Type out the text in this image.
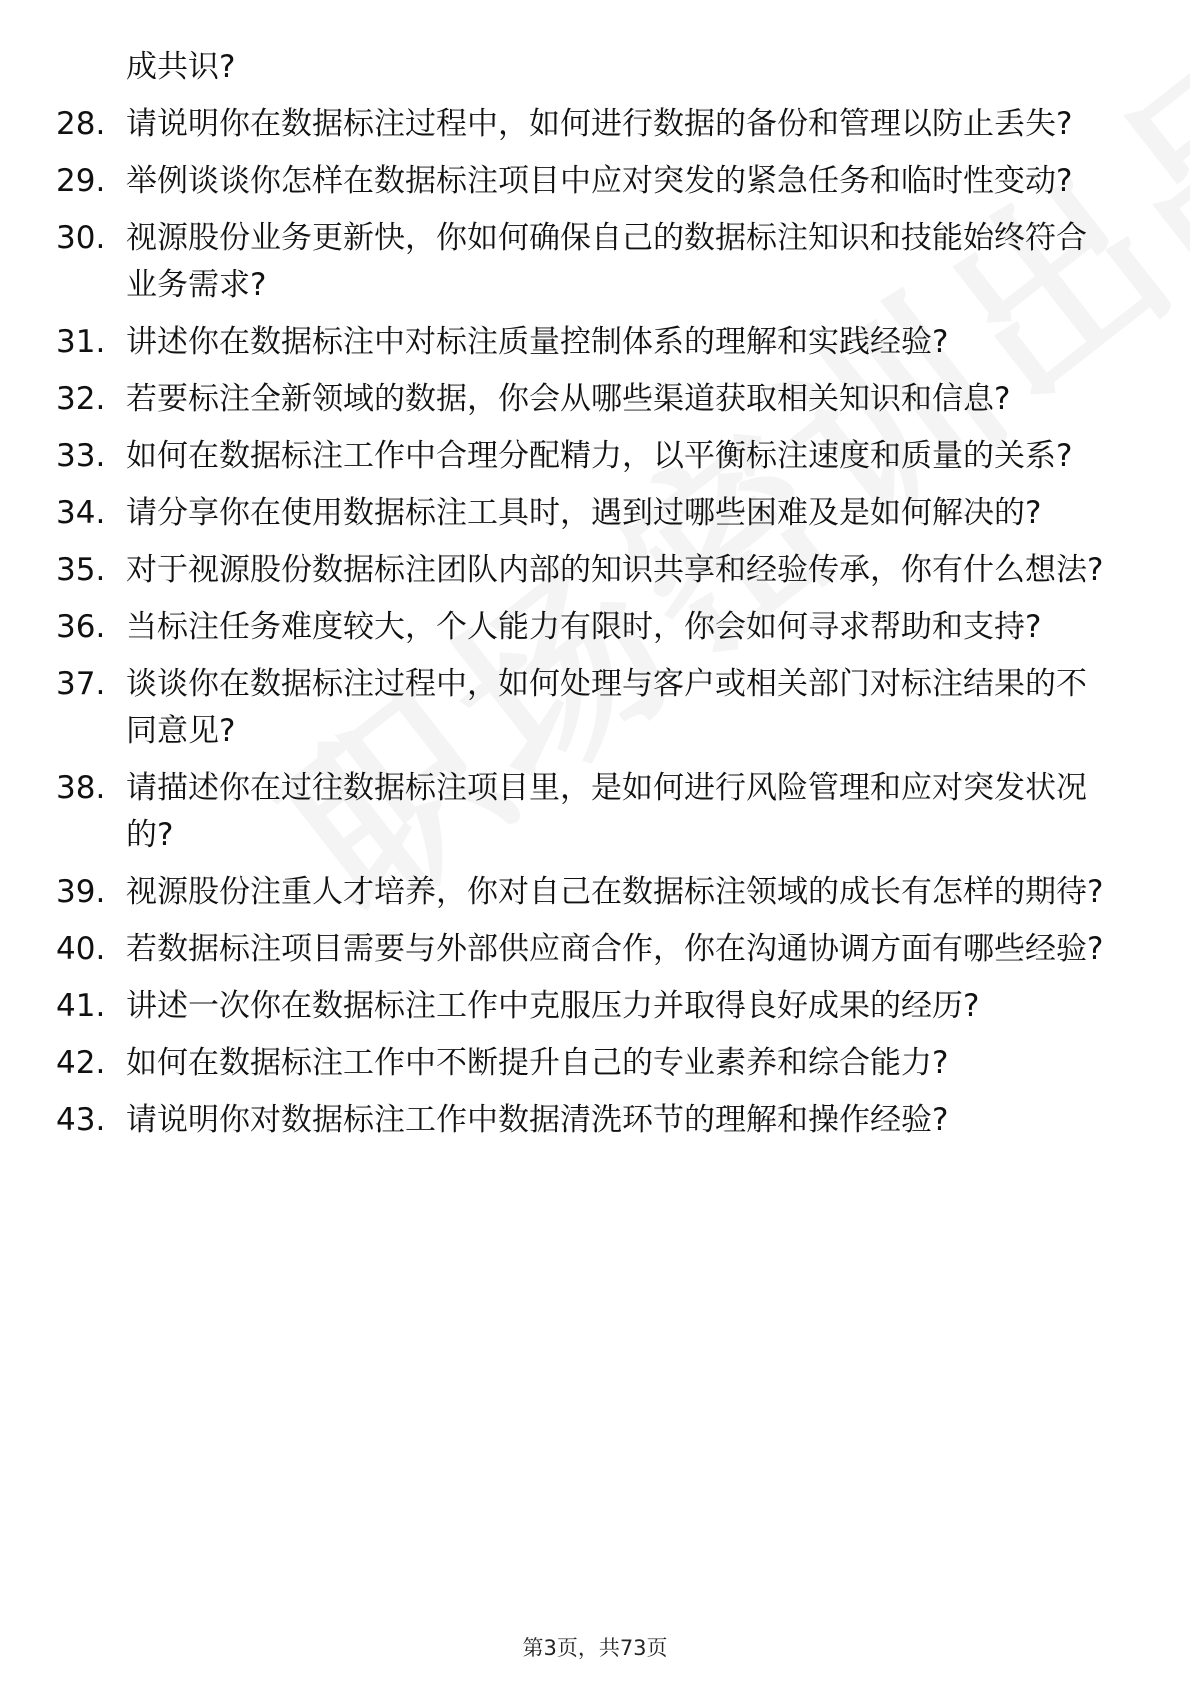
成共识?
28. 请说明你在数据标注过程中，如何进行数据的备份和管理以防止丢失?
29. 举例谈谈你怎样在数据标注项目中应对突发的紧急任务和临时性变动?
30. 视源股份业务更新快，你如何确保自己的数据标注知识和技能始终符合业务需求?
31. 讲述你在数据标注中对标注质量控制体系的理解和实践经验?
32. 若要标注全新领域的数据，你会从哪些渠道获取相关知识和信息?
33. 如何在数据标注工作中合理分配精力，以平衡标注速度和质量的关系?
34. 请分享你在使用数据标注工具时，遇到过哪些困难及是如何解决的?
35. 对于视源股份数据标注团队内部的知识共享和经验传承，你有什么想法?
36. 当标注任务难度较大，个人能力有限时，你会如何寻求帮助和支持?
37. 谈谈你在数据标注过程中，如何处理与客户或相关部门对标注结果的不同意见?
38. 请描述你在过往数据标注项目里，是如何进行风险管理和应对突发状况的?
39. 视源股份注重人才培养，你对自己在数据标注领域的成长有怎样的期待?
40. 若数据标注项目需要与外部供应商合作，你在沟通协调方面有哪些经验?
41. 讲述一次你在数据标注工作中克服压力并取得良好成果的经历?
42. 如何在数据标注工作中不断提升自己的专业素养和综合能力?
43. 请说明你对数据标注工作中数据清洗环节的理解和操作经验?
第3页，共73页
